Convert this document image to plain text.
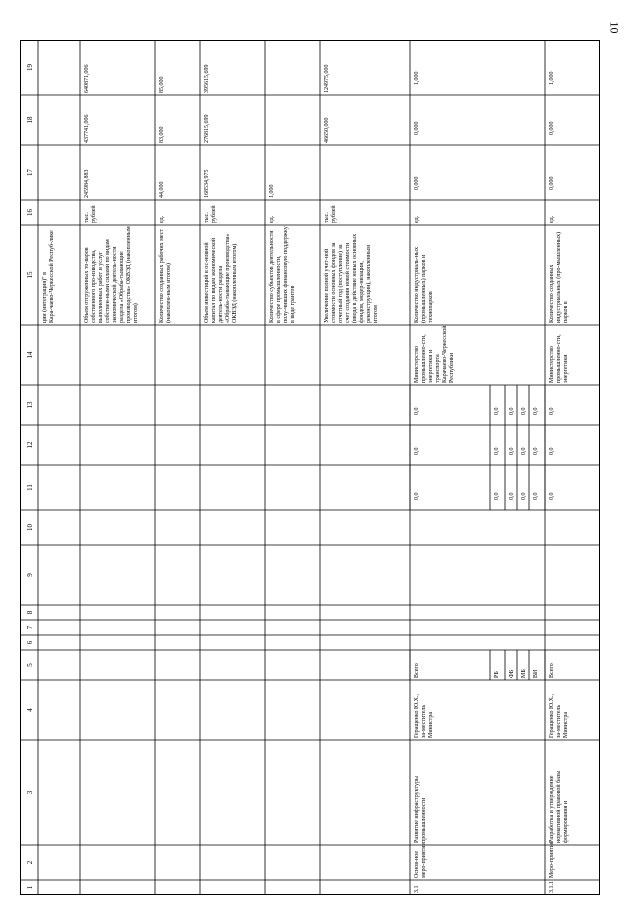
10
1
2
3
4
5
6
7
8
9
10
11
12
13
14
15
16
17
18
19
ции (интеграция)" в Кара-чаево-Черкесской Респуб-лике	Объем отгруженных то-варов собственного про-изводства, выполненных работ и услуг собствен-ными силами по видам экономической деятель-ности раздела «Обраба-тывающие производства» ОКВЭД (накопленным итогом)
тыс. рублей
245984,883
437741,006
640871,006
Количество созданных рабочих мест (накоплен-ным итогом)
ед.
44,000
83,000
85,000
Объем инвестиций в ос-новной капитал по видам экономической деятель-ности раздела «Обраба-тывающие производства» ОКВЭД (накопленным итогом)
тыс. рублей
168534,975
276815,699
395615,699
Количество субъектов деятельности в сфере промышленности, полу-чивших финансовую поддержку в виде грантов
ед.
1,000
Увеличение полной учет-ной стоимости основных фондов за отчетный год (поступление) за счет создания новой стоимости (ввода в действие новых основных фондов, модер-низации, реконструкции), накопленным итогом
тыс. рублей
46650,000
124975,000
3.1
Основ-ное меро-приятие
Развитие инфраструктуры промышленности
Геращенко Ю.Х., за-меститель Министра
Всего
0,0
0,0
0,0
РБ
0,0
0,0
0,0
ФБ
0,0
0,0
0,0
МБ
0,0
0,0
0,0
ВИ
0,0
0,0
0,0
Министерство промышленно-сти, энергетики и транспорта Карачаево-Черкесской Республики
Количество индустриаль-ных (промышленных) парков и технопарков
ед.
0,000
0,000
1,000
3.1.1
Меро-приятие
Разработка и утверждение нормативной правовой базы формирования и
Геращенко Ю.Х., за-меститель Министра
Всего
0,0
0,0
0,0
Министерство промышленно-сти, энергетики
Количество созданных индустриальных (про-мышленных) парков в
ед.
0,000
0,000
1,000
